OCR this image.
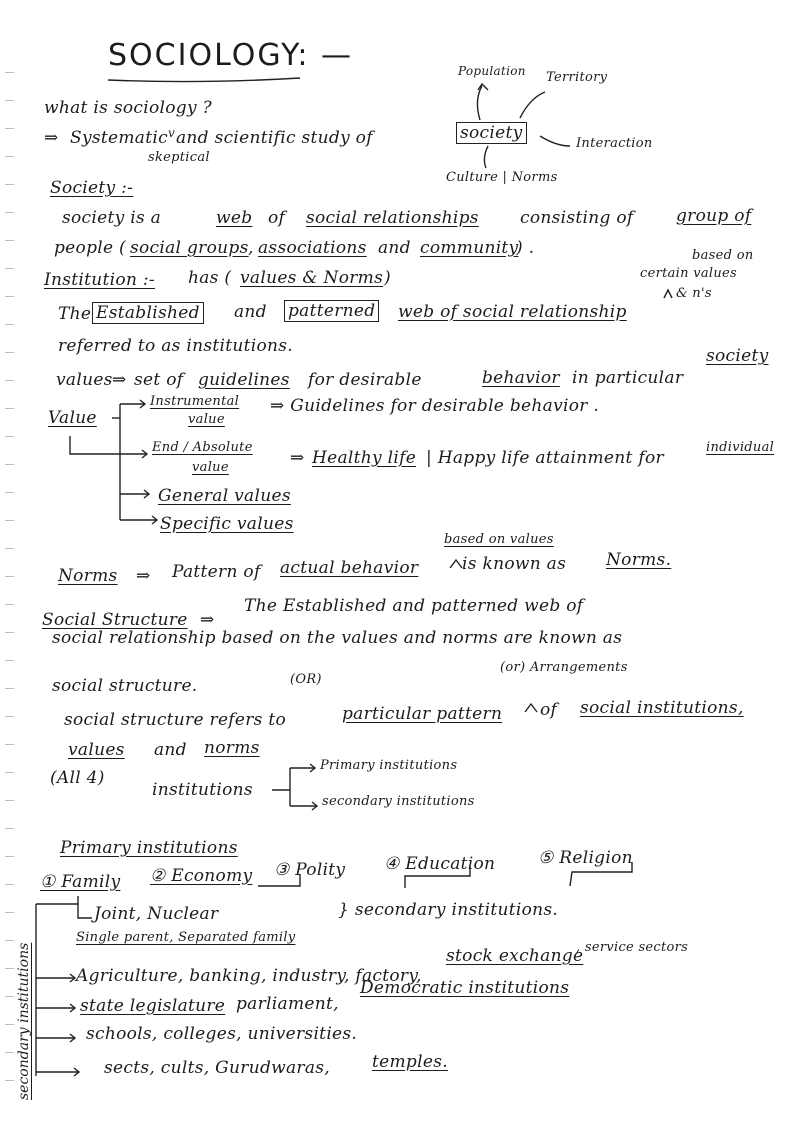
SOCIOLOGY: —
what is sociology ?
⇒ Systematic v and scientific study of
skeptical
society
Population Territory
Interaction
Culture | Norms
Society :-
society is a	web of social relationships consisting of group of
people ( social groups , associations and community
) .
Institution :- has ( values & Norms )
based on
certain values
& n's
The Established and patterned web of social relationship
referred to as institutions.
values ⇒ set of guidelines for desirable	behavior in particular
society
Value
Instrumental
value
⇒ Guidelines for desirable behavior .
End / Absolute
value	⇒ Healthy life | Happy life attainment for
individual
General values
Specific values
Norms ⇒ Pattern of actual behavior	is known as Norms.
based on values
Social Structure ⇒
The Established and patterned web of
social relationship based on the values and norms are known as
social structure.	(OR)
(or) Arrangements
social structure refers to	particular pattern of social institutions,
values and norms
(All 4)
institutions
Primary institutions
secondary institutions
Primary institutions
① Family ② Economy ③ Polity ④ Education	⑤ Religion
Joint, Nuclear
Single parent, Separated family
} secondary institutions.
Agriculture, banking, industry, factory,
stock exchange
, service sectors
state legislature parliament,
Democratic institutions
schools, colleges, universities.
sects, cults, Gurudwaras, temples.
secondary institutions
